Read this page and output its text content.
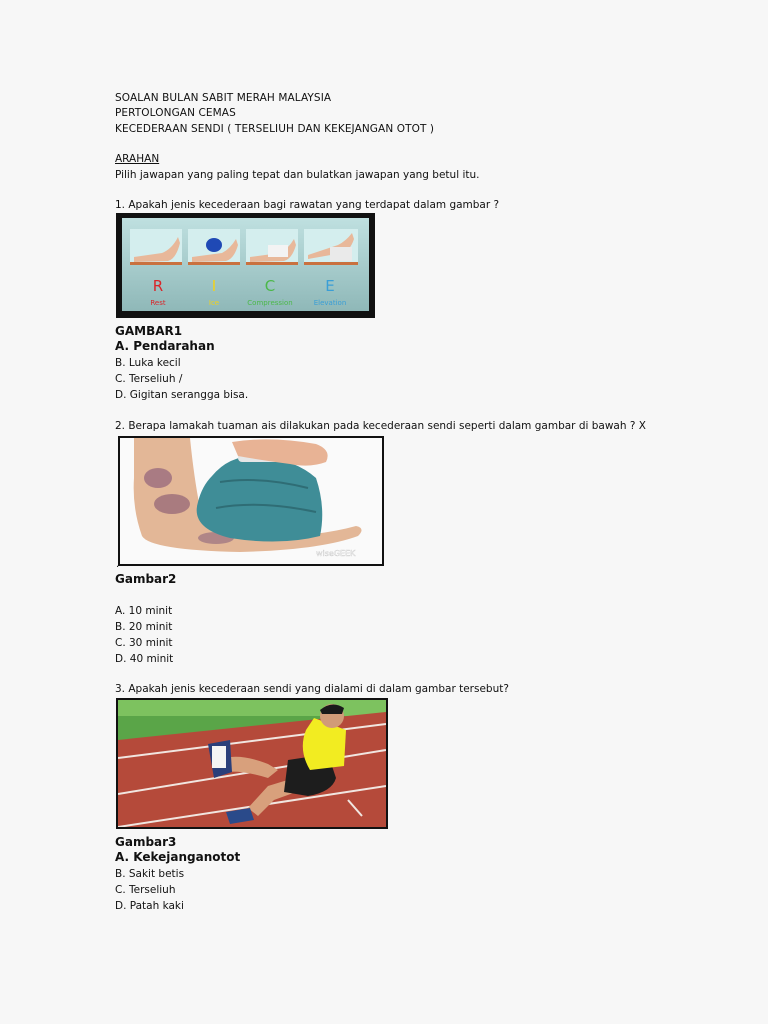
SOALAN BULAN SABIT MERAH MALAYSIA
PERTOLONGAN CEMAS
KECEDERAAN SENDI ( TERSELIUH DAN KEKEJANGAN OTOT )
ARAHAN
Pilih jawapan yang paling tepat dan bulatkan jawapan yang betul itu.
1. Apakah jenis kecederaan bagi rawatan yang terdapat dalam gambar ?
R
Rest
I
Ice
C
Compression
E
Elevation
GAMBAR1
A. Pendarahan
B. Luka kecil
C. Terseliuh /
D. Gigitan serangga bisa.
2. Berapa lamakah tuaman ais dilakukan pada kecederaan sendi seperti dalam gambar di bawah ? X
wiseGEEK
.
Gambar2
A. 10 minit
B. 20 minit
C. 30 minit
D. 40 minit
3. Apakah jenis kecederaan sendi yang dialami di dalam gambar tersebut?
Gambar3
A. Kekejanganotot
B. Sakit betis
C. Terseliuh
D. Patah kaki
